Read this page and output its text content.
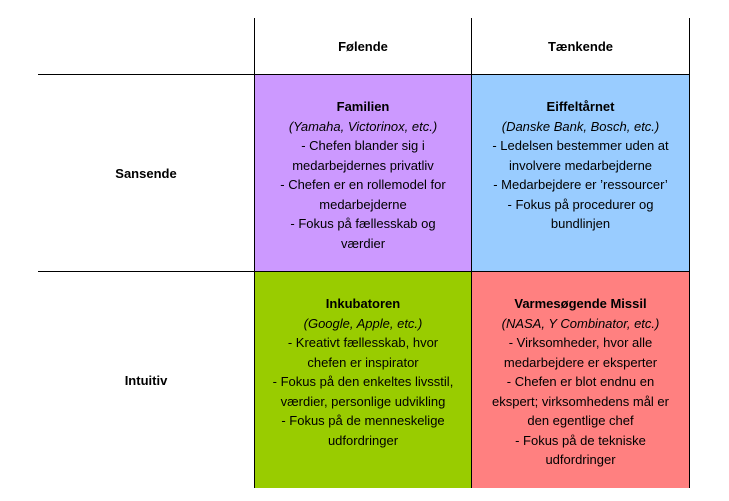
Følende	Tænkende
Sansende
Intuitiv
Familien
(Yamaha, Victorinox, etc.)
- Chefen blander sig i
medarbejdernes privatliv
- Chefen er en rollemodel for
medarbejderne
- Fokus på fællesskab og
værdier
Eiffeltårnet
(Danske Bank, Bosch, etc.)
- Ledelsen bestemmer uden at
involvere medarbejderne
- Medarbejdere er ’ressourcer’
- Fokus på procedurer og
bundlinjen
Inkubatoren
(Google, Apple, etc.)
- Kreativt fællesskab, hvor
chefen er inspirator
- Fokus på den enkeltes livsstil,
værdier, personlige udvikling
- Fokus på de menneskelige
udfordringer
Varmesøgende Missil
(NASA, Y Combinator, etc.)
- Virksomheder, hvor alle
medarbejdere er eksperter
- Chefen er blot endnu en
ekspert; virksomhedens mål er
den egentlige chef
- Fokus på de tekniske
udfordringer
